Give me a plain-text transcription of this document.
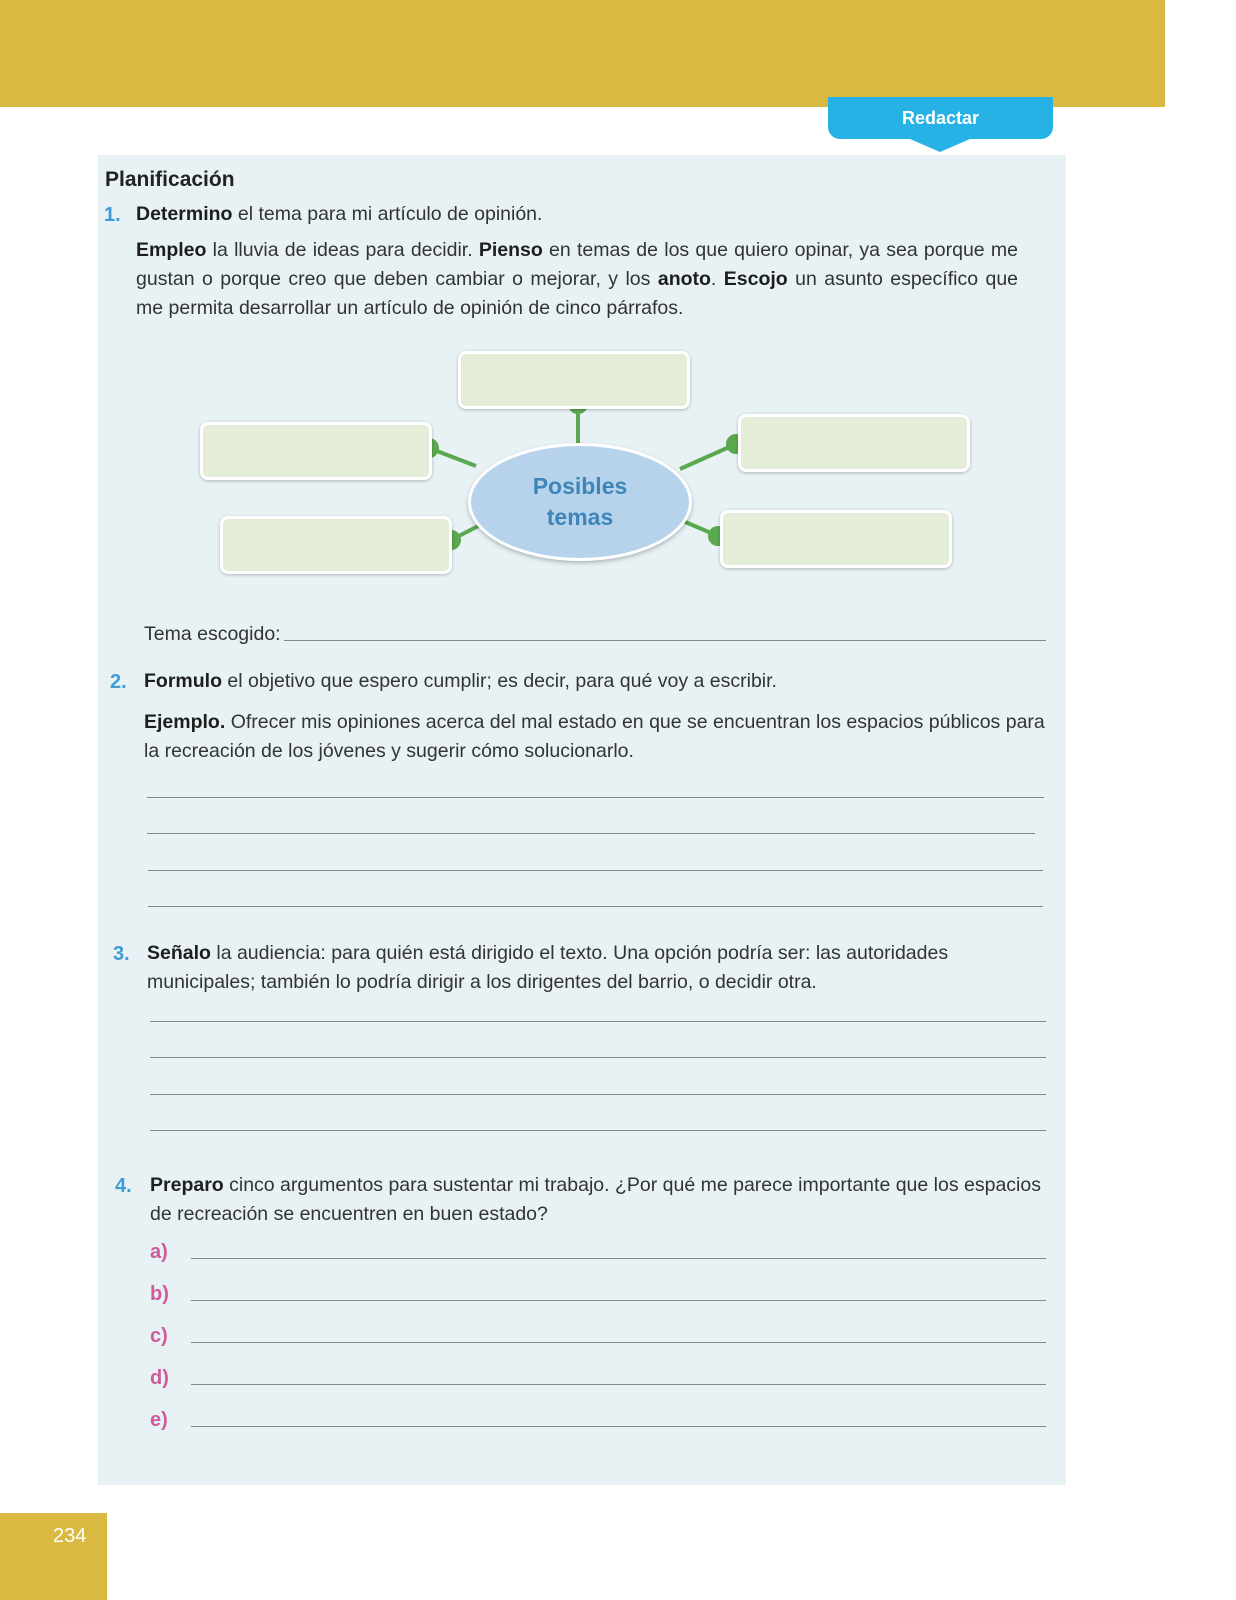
Redactar
Planificación
1. Determino el tema para mi artículo de opinión.
Empleo la lluvia de ideas para decidir. Pienso en temas de los que quiero opinar, ya sea porque me gustan o porque creo que deben cambiar o mejorar, y los anoto. Escojo un asunto específico que me permita desarrollar un artículo de opinión de cinco párrafos.
Posibles
temas
Tema escogido:
2. Formulo el objetivo que espero cumplir; es decir, para qué voy a escribir.
Ejemplo. Ofrecer mis opiniones acerca del mal estado en que se encuentran los espacios públicos para la recreación de los jóvenes y sugerir cómo solucionarlo.
3. Señalo la audiencia: para quién está dirigido el texto. Una opción podría ser: las autoridades municipales; también lo podría dirigir a los dirigentes del barrio, o decidir otra.
4. Preparo cinco argumentos para sustentar mi trabajo. ¿Por qué me parece importante que los espacios de recreación se encuentren en buen estado?
a)
b)
c)
d)
e)
234
